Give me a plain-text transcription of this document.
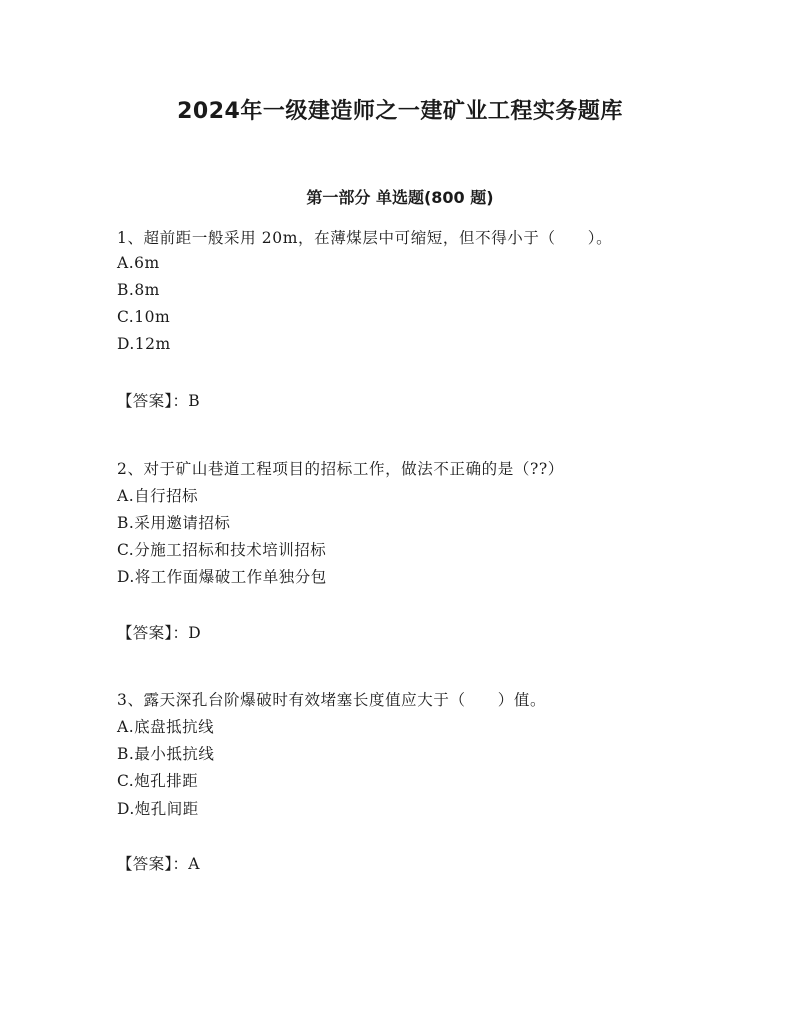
2024年一级建造师之一建矿业工程实务题库
第一部分 单选题(800 题)
1、超前距一般采用 20m，在薄煤层中可缩短，但不得小于（　　）。
A.6m
B.8m
C.10m
D.12m
【答案】：B
2、对于矿山巷道工程项目的招标工作，做法不正确的是（??）
A.自行招标
B.采用邀请招标
C.分施工招标和技术培训招标
D.将工作面爆破工作单独分包
【答案】：D
3、露天深孔台阶爆破时有效堵塞长度值应大于（　　）值。
A.底盘抵抗线
B.最小抵抗线
C.炮孔排距
D.炮孔间距
【答案】：A
